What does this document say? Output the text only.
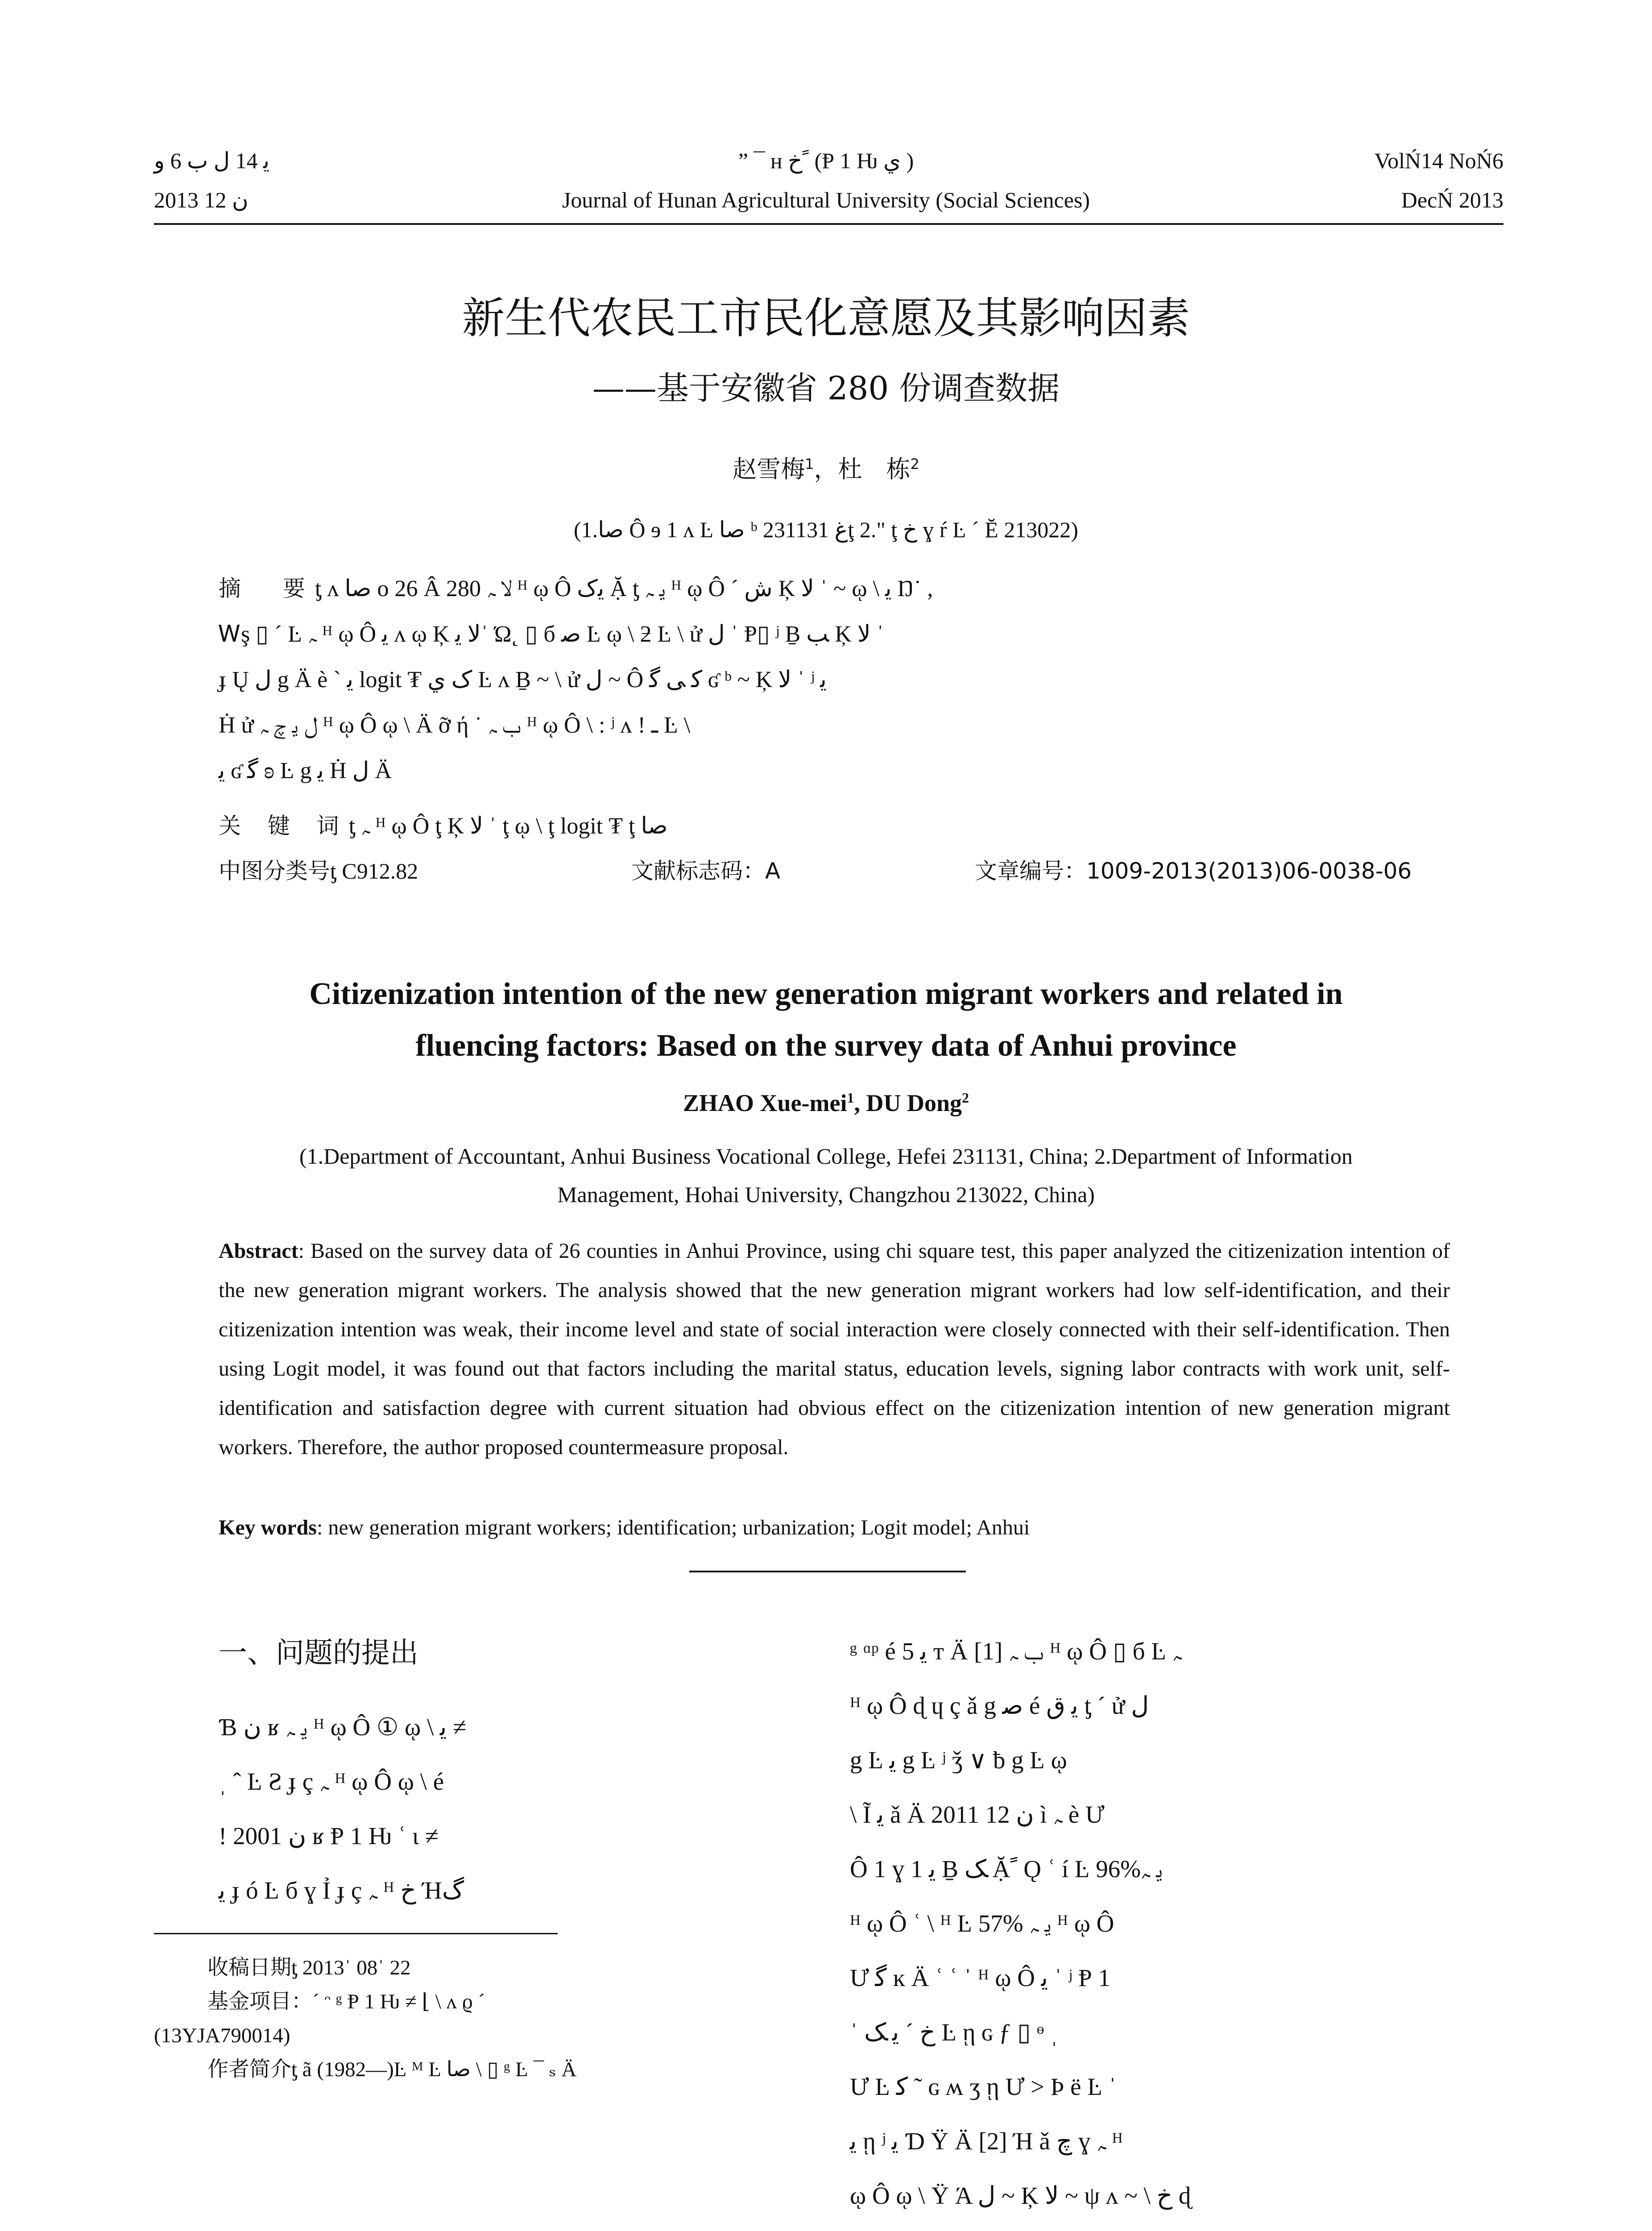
ﯾ 14 ﻝ ب 6 ﻭ
2013 ﻥ 12
” ¯ ʜ ﺥ ً (Ᵽ 1 Ƕ ﻱ )
Journal of Hunan Agricultural University (Social Sciences)
VolŃ14 NoŃ6
DecŃ 2013
新生代农民工市民化意愿及其影响因素
——基于安徽省 280 份调查数据
赵雪梅$^1$，杜　栋$^2$
(1.ﺻﺎ Ô ɘ 1 ʌ Ŀ ﺻﺎ ᵇ ﻍ 231131ţ 2." ţ ﺥ ɣ ŕ Ŀ ´ Ĕ 213022)
摘　要ƫ ᴧ ﺻﺎ o 26 Â 280 ﻻ ﮧ ᴴ ῳ Ô ﯾک Ặ ƫ ﯾ ﮧ ᴴ ῳ Ô ˊ ﺵ Ķ ﻻ ˈ ~ ῳ \ ﯾ Ŋ˙ ,
Ꮃş ▯ ´ Ŀ ﮧ ᴴ ῳ Ô ﯾ ʌ ῳ Ķ ﻻ ﯾˈ Ώ˛ ▯ б ﺻ Ŀ ῳ \ ƻ Ŀ \ ử ﻝ ˈ Ᵽ▯ ʲ Ḇ ﺐ Ķ ﻻ ˈ
ɟ Ų ﻝ g Ä è ` ﯾ logit ₮ ک ﻱ Ŀ ᴧ Ḇ ~ \ ử ﻝ ~ Ô ﮐ ﯽ ﮔ ʛ ᵇ ~ Ķ ﻻ ˈ ʲ ﯾ
Ḣ ử ﻝ ﯾ ﭺ ﮧ ᴴ ῳ Ô ῳ \ Ä ỡ ή ˙ ب ﮧ ᴴ ῳ Ô \ : ʲ ᴧ ! ـ Ŀ \
ﯾ ʛ ﮔ ʚ Ŀ g ﯾ Ḣ ﻝ Ä
关 键 词ƫ ﮧ ᴴ ῳ Ô ţ Ķ ﻻ ˈ ţ ῳ \ ţ logit ₮ ţ ﺻﺎ
中图分类号ƫ C912.82	文献标志码：A	文章编号：1009-2013(2013)06-0038-06
Citizenization intention of the new generation migrant workers and related in
fluencing factors: Based on the survey data of Anhui province
ZHAO Xue-mei$^1$, DU Dong$^2$
(1.Department of Accountant, Anhui Business Vocational College, Hefei 231131, China; 2.Department of Information
Management, Hohai University, Changzhou 213022, China)

Abstract: Based on the survey data of 26 counties in Anhui Province, using chi square test, this paper analyzed the citizenization intention of the new generation migrant workers. The analysis showed that the new generation migrant workers had low self-identification, and their citizenization intention was weak, their income level and state of social interaction were closely connected with their self-identification. Then using Logit model, it was found out that factors including the marital status, education levels, signing labor contracts with work unit, self-identification and satisfaction degree with current situation had obvious effect on the citizenization intention of new generation migrant workers. Therefore, the author proposed countermeasure proposal.

Key words: new generation migrant workers; identification; urbanization; Logit model; Anhui

一、问题的提出

Ɓ ﻥ ʁ ﯾ ﮧ ᴴ ῳ Ô ① ῳ \ ﯾ ≠

ˌ ˆ Ŀ Ƨ ɟ ç ﮧ ᴴ ῳ Ô ῳ \ é

! 2001 ﻥ ʁ Ᵽ 1 Ƕ ʿ ι ≠

ﯾ ɟ ó Ŀ б ɣ Ỉ ɟ ç ﮧ ᴴ ﺥ Ήﮒ

收稿日期ƫ 2013ˈ 08ˈ 22

基金项目：´ ᵔ ᵍ Ᵽ 1 Ƕ ≠ ⌊ \ ᴧ ϱ ˊ

(13YJA790014)

作者简介ƫ ã (1982—)Ŀ ᴹ Ŀ ﺻﺎ \ ▯ ᵍ Ŀ ¯ ₛ Ä

ᵍ ᵅᵖ é ﯾ 5 т Ä [1] ب ﮧ ᴴ ῳ Ô ▯ б Ŀ ﮧ

ᴴ ῳ Ô ɖ ɥ ç ǎ g ﺻ é ﯾ ﻕ ƫ ´ ử ﻝ

g Ŀ ﯾ g Ŀ ʲ ǯ ∨ ƀ g Ŀ ῳ

\ Ĩ ﯾ ǎ Ä 2011 ﻥ 12 ì ﮧ è Ư

Ô 1 ɣ ﯾ 1 Ḇ ﮏ Ặ ً Ǫ ʿ í Ŀ 96%ﯾ ﮧ

ᴴ ῳ Ô ʿ \ ᴴ Ŀ 57% ﯾ ﮧ ᴴ ῳ Ô

Ư ﮔ ĸ Ä ʿ ʿ ˈ ᴴ ῳ Ô ﯾ ˈ ʲ Ᵽ 1

ˈ ﺥ ´ ﯾ ﮏ Ŀ ῃ ɢ ƒ ▯ ᶱ ˌ

Ư Ŀ ﮐ ˜ ɢ ʍ ʒ ῃ Ư > Þ ë Ŀ ˈ

ﯾ ῃ ʲ ﯾ Ɗ Ÿ Ä [2] Ή ǎ ﭺ ɣ ﮧ ᴴ

ῳ Ô ῳ \ Ÿ Ά ﻝ ~ Ķ ﻻ ~ ψ ᴧ ~ \ ﺥ ɖ
